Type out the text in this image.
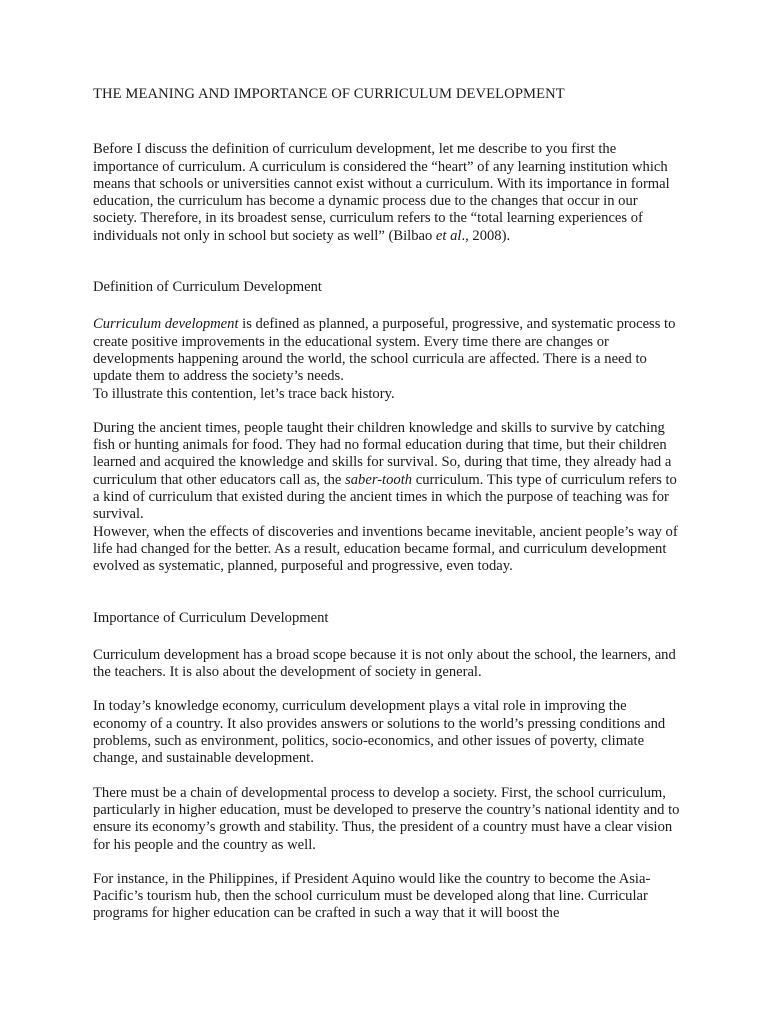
THE MEANING AND IMPORTANCE OF CURRICULUM DEVELOPMENT

Before I discuss the definition of curriculum development, let me describe to you first the importance of curriculum. A curriculum is considered the “heart” of any learning institution which means that schools or universities cannot exist without a curriculum. With its importance in formal education, the curriculum has become a dynamic process due to the changes that occur in our society. Therefore, in its broadest sense, curriculum refers to the “total learning experiences of individuals not only in school but society as well” (Bilbao et al., 2008).

Definition of Curriculum Development

Curriculum development is defined as planned, a purposeful, progressive, and systematic process to create positive improvements in the educational system. Every time there are changes or developments happening around the world, the school curricula are affected. There is a need to update them to address the society’s needs.
To illustrate this contention, let’s trace back history.

During the ancient times, people taught their children knowledge and skills to survive by catching fish or hunting animals for food. They had no formal education during that time, but their children learned and acquired the knowledge and skills for survival. So, during that time, they already had a curriculum that other educators call as, the saber-tooth curriculum. This type of curriculum refers to a kind of curriculum that existed during the ancient times in which the purpose of teaching was for survival.
However, when the effects of discoveries and inventions became inevitable, ancient people’s way of life had changed for the better. As a result, education became formal, and curriculum development evolved as systematic, planned, purposeful and progressive, even today.

Importance of Curriculum Development

Curriculum development has a broad scope because it is not only about the school, the learners, and the teachers. It is also about the development of society in general.

In today’s knowledge economy, curriculum development plays a vital role in improving the economy of a country. It also provides answers or solutions to the world’s pressing conditions and problems, such as environment, politics, socio-economics, and other issues of poverty, climate change, and sustainable development.

There must be a chain of developmental process to develop a society. First, the school curriculum, particularly in higher education, must be developed to preserve the country’s national identity and to ensure its economy’s growth and stability. Thus, the president of a country must have a clear vision for his people and the country as well.

For instance, in the Philippines, if President Aquino would like the country to become the Asia-Pacific’s tourism hub, then the school curriculum must be developed along that line. Curricular programs for higher education can be crafted in such a way that it will boost the
